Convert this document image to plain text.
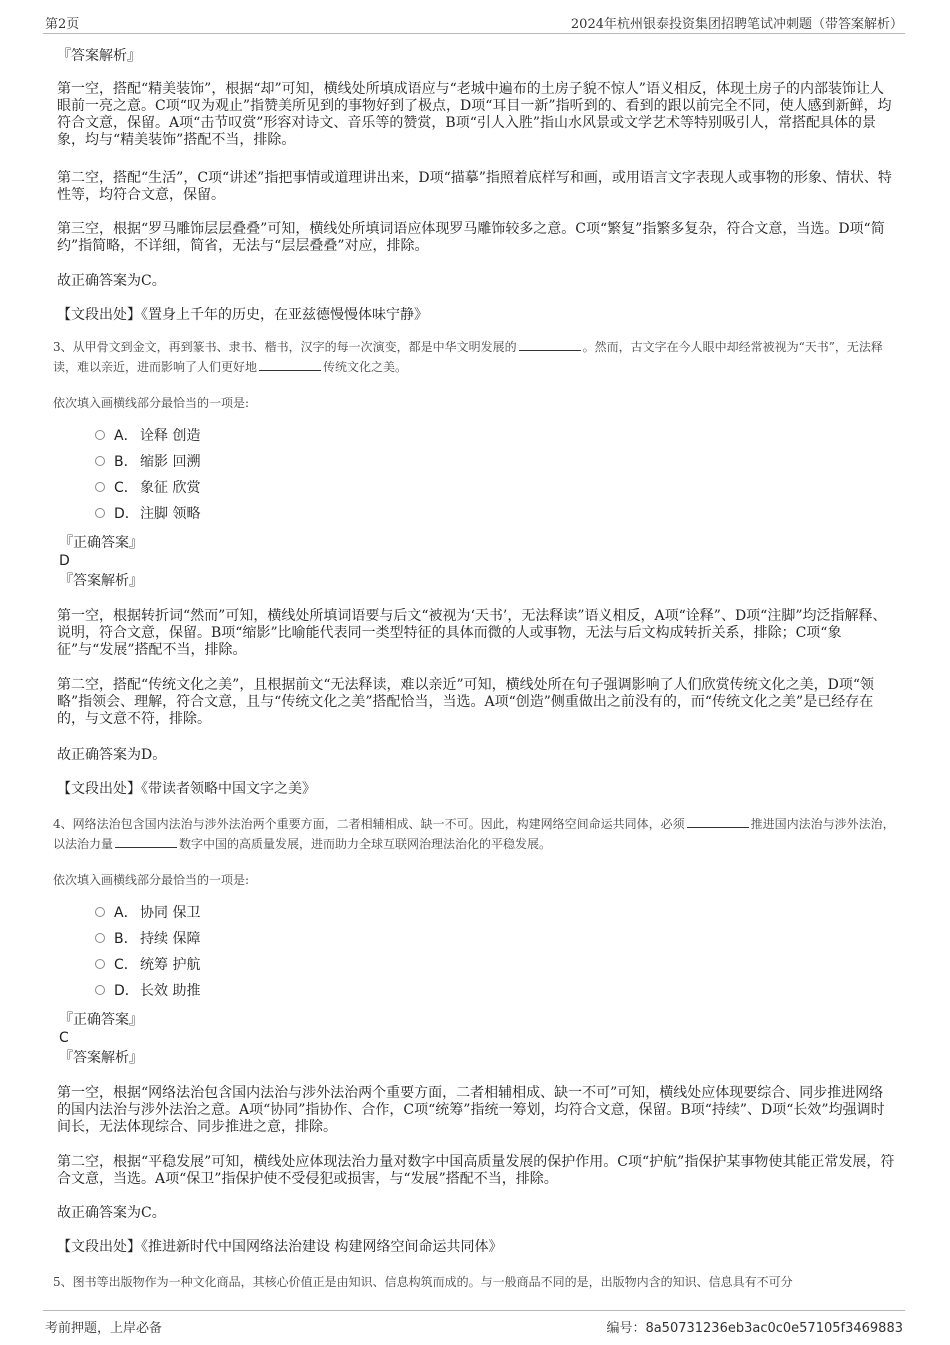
第2页	2024年杭州银泰投资集团招聘笔试冲刺题（带答案解析）

『答案解析』

第一空，搭配“精美装饰”，根据“却”可知，横线处所填成语应与“老城中遍布的土房子貌不惊人”语义相反，体现土房子的内部装饰让人眼前一亮之意。C项“叹为观止”指赞美所见到的事物好到了极点，D项“耳目一新”指听到的、看到的跟以前完全不同，使人感到新鲜，均符合文意，保留。A项“击节叹赏”形容对诗文、音乐等的赞赏，B项“引人入胜”指山水风景或文学艺术等特别吸引人，常搭配具体的景象，均与“精美装饰”搭配不当，排除。

第二空，搭配“生活”，C项“讲述”指把事情或道理讲出来，D项“描摹”指照着底样写和画，或用语言文字表现人或事物的形象、情状、特性等，均符合文意，保留。

第三空，根据“罗马雕饰层层叠叠”可知，横线处所填词语应体现罗马雕饰较多之意。C项“繁复”指繁多复杂，符合文意，当选。D项“简约”指简略，不详细，简省，无法与“层层叠叠”对应，排除。

故正确答案为C。

【文段出处】《置身上千年的历史，在亚兹德慢慢体味宁静》

3、从甲骨文到金文，再到篆书、隶书、楷书，汉字的每一次演变，都是中华文明发展的	。然而，古文字在今人眼中却经常被视为“天书”，无法释读，难以亲近，进而影响了人们更好地	传统文化之美。

依次填入画横线部分最恰当的一项是:

A． 诠释 创造
B． 缩影 回溯
C． 象征 欣赏
D．注脚 领略

『正确答案』

D

『答案解析』

第一空，根据转折词“然而”可知，横线处所填词语要与后文“被视为‘天书’，无法释读”语义相反，A项“诠释”、D项“注脚”均泛指解释、说明，符合文意，保留。B项“缩影”比喻能代表同一类型特征的具体而微的人或事物，无法与后文构成转折关系，排除；C项“象征”与“发展”搭配不当，排除。

第二空，搭配“传统文化之美”，且根据前文“无法释读，难以亲近”可知，横线处所在句子强调影响了人们欣赏传统文化之美，D项“领略”指领会、理解，符合文意，且与“传统文化之美”搭配恰当，当选。A项“创造”侧重做出之前没有的，而“传统文化之美”是已经存在的，与文意不符，排除。

故正确答案为D。

【文段出处】《带读者领略中国文字之美》

4、网络法治包含国内法治与涉外法治两个重要方面，二者相辅相成、缺一不可。因此，构建网络空间命运共同体，必须	推进国内法治与涉外法治，以法治力量	数字中国的高质量发展，进而助力全球互联网治理法治化的平稳发展。

依次填入画横线部分最恰当的一项是:

A． 协同 保卫
B． 持续 保障
C． 统筹 护航
D．长效 助推

『正确答案』

C

『答案解析』

第一空，根据“网络法治包含国内法治与涉外法治两个重要方面，二者相辅相成、缺一不可”可知，横线处应体现要综合、同步推进网络的国内法治与涉外法治之意。A项“协同”指协作、合作，C项“统筹”指统一筹划，均符合文意，保留。B项“持续”、D项“长效”均强调时间长，无法体现综合、同步推进之意，排除。

第二空，根据“平稳发展”可知，横线处应体现法治力量对数字中国高质量发展的保护作用。C项“护航”指保护某事物使其能正常发展，符合文意，当选。A项“保卫”指保护使不受侵犯或损害，与“发展”搭配不当，排除。

故正确答案为C。

【文段出处】《推进新时代中国网络法治建设 构建网络空间命运共同体》

5、图书等出版物作为一种文化商品，其核心价值正是由知识、信息构筑而成的。与一般商品不同的是，出版物内含的知识、信息具有不可分

考前押题，上岸必备	编号：8a50731236eb3ac0c0e57105f3469883
